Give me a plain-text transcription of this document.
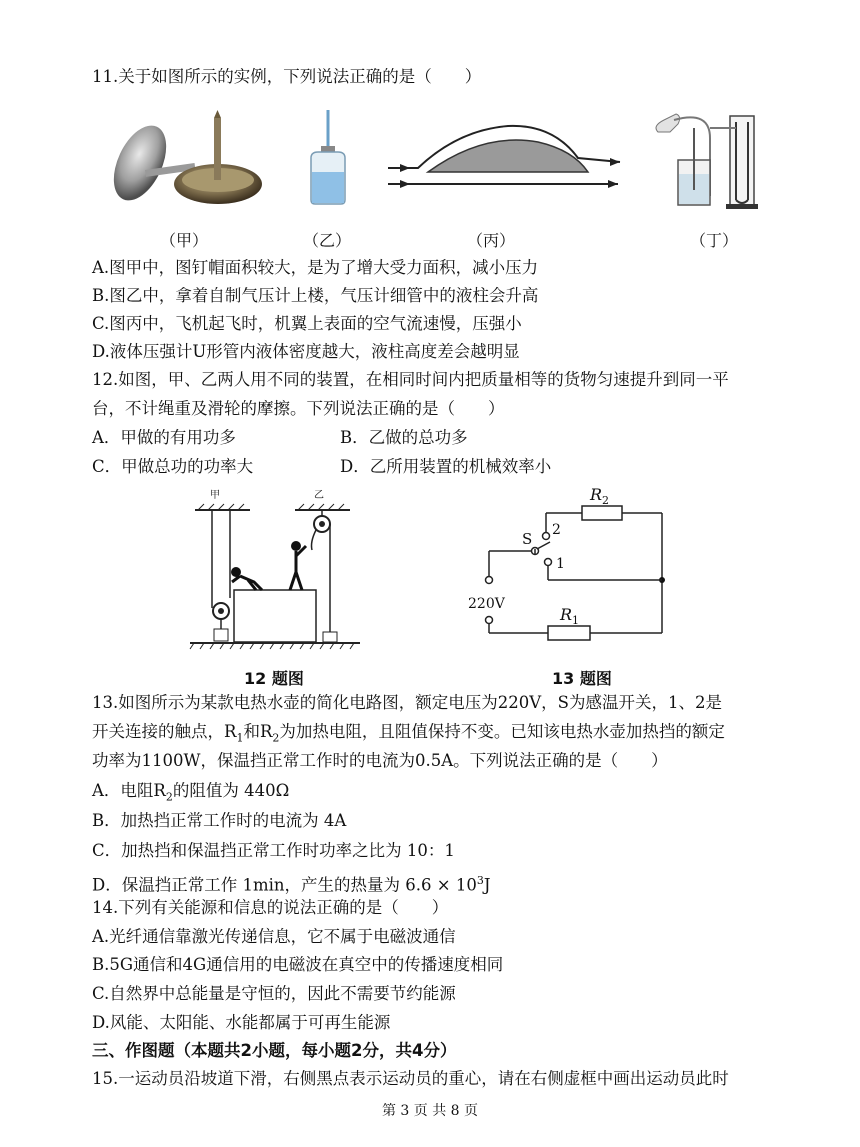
11.关于如图所示的实例，下列说法正确的是（　　）
（甲）	（乙）	（丙）	（丁）
A.图甲中，图钉帽面积较大，是为了增大受力面积，减小压力
B.图乙中，拿着自制气压计上楼，气压计细管中的液柱会升高
C.图丙中，飞机起飞时，机翼上表面的空气流速慢，压强小
D.液体压强计U形管内液体密度越大，液柱高度差会越明显
12.如图，甲、乙两人用不同的装置，在相同时间内把质量相等的货物匀速提升到同一平
台，不计绳重及滑轮的摩擦。下列说法正确的是（　　）
A．甲做的有用功多	B．乙做的总功多
C．甲做总功的功率大	D．乙所用装置的机械效率小
甲	乙
12 题图
$R_2$
2
S
1
220V
$R_1$
13 题图
13.如图所示为某款电热水壶的简化电路图，额定电压为220V，S为感温开关，1、2是
开关连接的触点，$R_1$和$R_2$为加热电阻，且阻值保持不变。已知该电热水壶加热挡的额定
功率为1100W，保温挡正常工作时的电流为0.5A。下列说法正确的是（　　）
A．电阻$R_2$的阻值为 440Ω
B．加热挡正常工作时的电流为 4A
C．加热挡和保温挡正常工作时功率之比为 10：1
D．保温挡正常工作 1min，产生的热量为 $6.6 \times 10^3J$
14.下列有关能源和信息的说法正确的是（　　）
A.光纤通信靠激光传递信息，它不属于电磁波通信
B.5G通信和4G通信用的电磁波在真空中的传播速度相同
C.自然界中总能量是守恒的，因此不需要节约能源
D.风能、太阳能、水能都属于可再生能源
三、作图题（本题共2小题，每小题2分，共4分）
15.一运动员沿坡道下滑，右侧黑点表示运动员的重心，请在右侧虚框中画出运动员此时
第 3 页 共 8 页
